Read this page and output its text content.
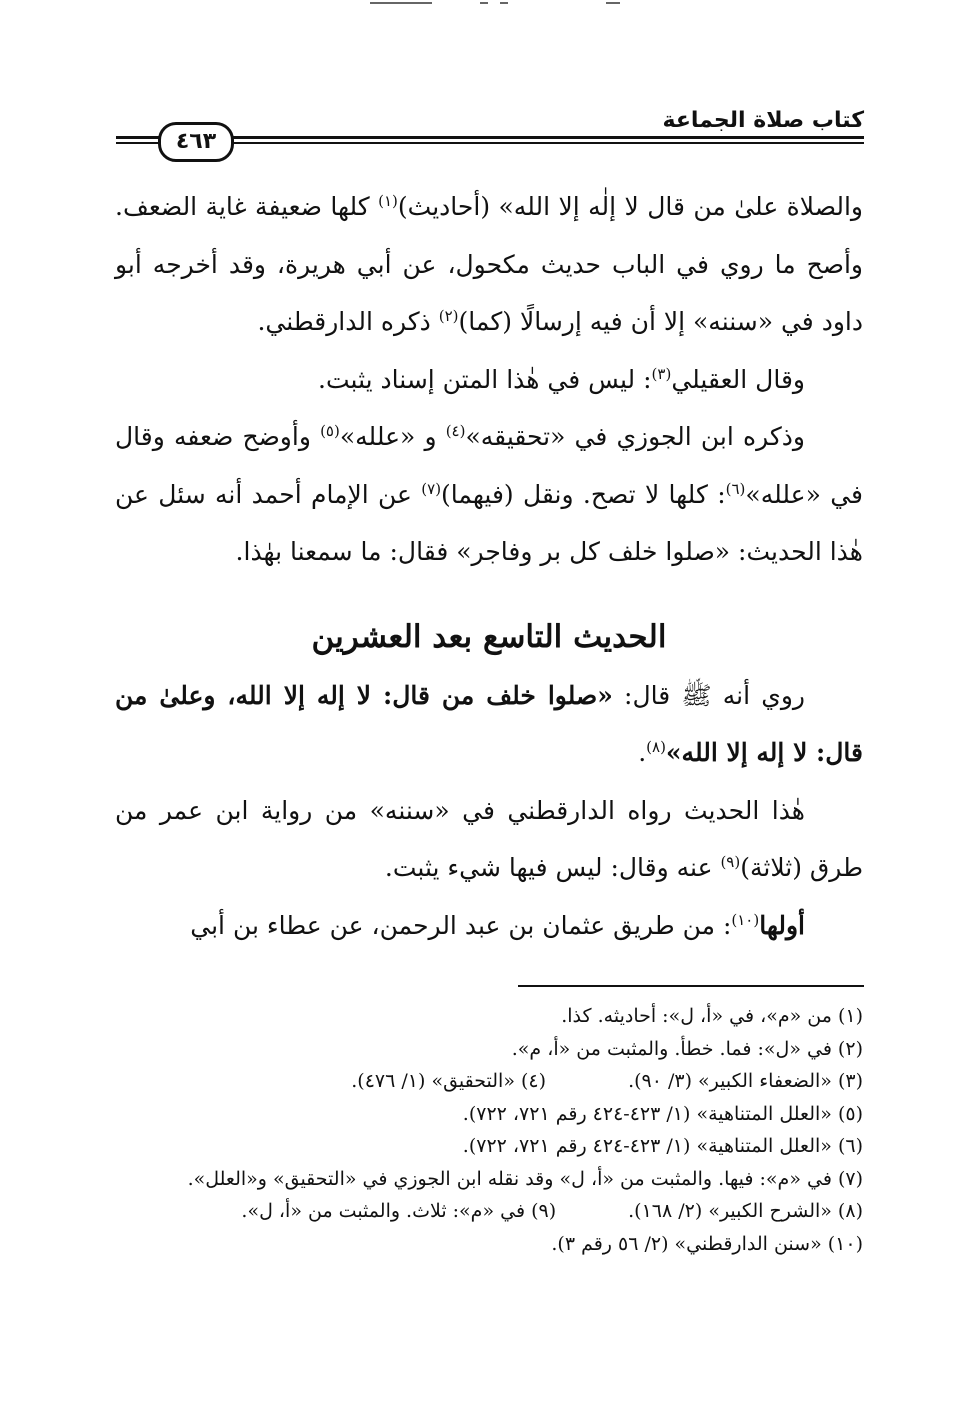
كتاب صلاة الجماعة
٤٦٣

والصلاة علىٰ من قال لا إلٰه إلا الله» (أحاديث)$^{(١)}$ كلها ضعيفة غاية الضعف. وأصح ما روي في الباب حديث مكحول، عن أبي هريرة، وقد أخرجه أبو داود في «سننه» إلا أن فيه إرسالًا (كما)$^{(٢)}$ ذكره الدارقطني.

وقال العقيلي$^{(٣)}$: ليس في هٰذا المتن إسناد يثبت.

وذكره ابن الجوزي في «تحقيقه»$^{(٤)}$ و «علله»$^{(٥)}$ وأوضح ضعفه وقال في «علله»$^{(٦)}$: كلها لا تصح. ونقل (فيهما)$^{(٧)}$ عن الإمام أحمد أنه سئل عن هٰذا الحديث: «صلوا خلف كل بر وفاجر» فقال: ما سمعنا بهٰذا.

الحديث التاسع بعد العشرين

روي أنه ﷺ قال: «صلوا خلف من قال: لا إله إلا الله، وعلىٰ من قال: لا إله إلا الله»$^{(٨)}$.

هٰذا الحديث رواه الدارقطني في «سننه» من رواية ابن عمر من طرق (ثلاثة)$^{(٩)}$ عنه وقال: ليس فيها شيء يثبت.

أولها$^{(١٠)}$: من طريق عثمان بن عبد الرحمن، عن عطاء بن أبي

(١) من «م»، في «أ، ل»: أحاديثه. كذا.
(٢) في «ل»: فما. خطأ. والمثبت من «أ، م».
(٣) «الضعفاء الكبير» (٣/ ٩٠).(٤) «التحقيق» (١/ ٤٧٦).
(٥) «العلل المتناهية» (١/ ٤٢٣-٤٢٤ رقم ٧٢١، ٧٢٢).
(٦) «العلل المتناهية» (١/ ٤٢٣-٤٢٤ رقم ٧٢١، ٧٢٢).
(٧) في «م»: فيها. والمثبت من «أ، ل» وقد نقله ابن الجوزي في «التحقيق» و«العلل».
(٨) «الشرح الكبير» (٢/ ١٦٨).(٩) في «م»: ثلاث. والمثبت من «أ، ل».
(١٠) «سنن الدارقطني» (٢/ ٥٦ رقم ٣).
